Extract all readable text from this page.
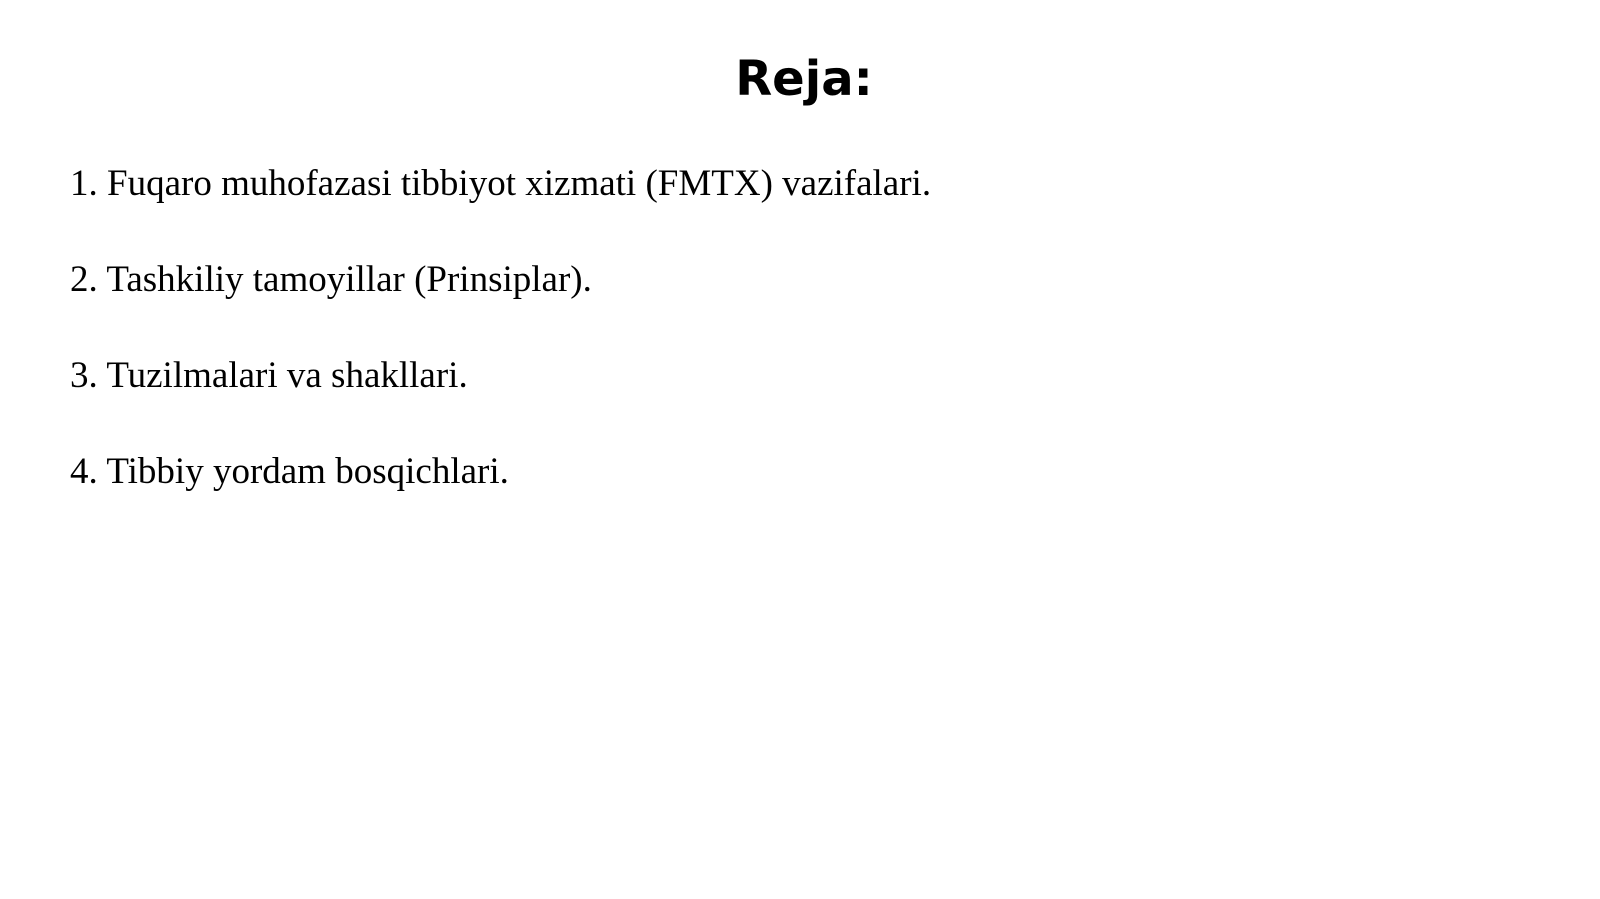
Reja:
1. Fuqaro muhofazasi tibbiyot xizmati (FMTX) vazifalari.
2. Tashkiliy tamoyillar (Prinsiplar).
3. Tuzilmalari va shakllari.
4. Tibbiy yordam bosqichlari.
